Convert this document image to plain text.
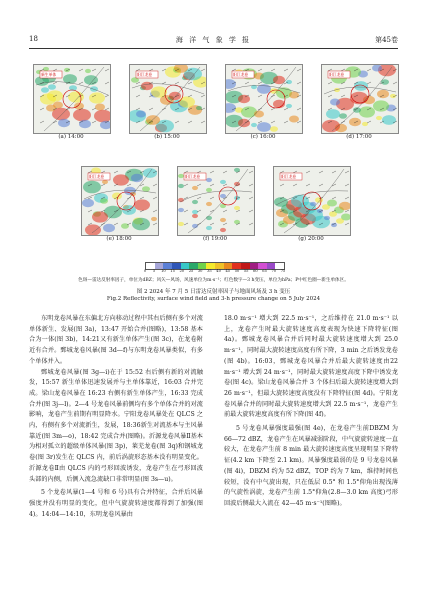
18	海 洋 气 象 学 报	第45卷
新生单体
(a) 14:00
阳江龙卷
(b) 15:00
阳江龙卷
(c) 16:00
阳江龙卷
(d) 17:00
阳江龙卷
(e) 18:00
阳江龙卷
(f) 19:00
阳江龙卷
(g) 20:00
0 5 10 15 20 25 30 35 40 45 50 55 60 65 70 75
色斑—雷达反射率因子，单位为dBZ；风矢—风场，风速单位为m·s⁻¹；红色数字—3 h变压，单位为hPa；P中红色圈—新生单体区。
图 2 2024 年 7 月 5 日雷达反射率因子与地面风场及 3 h 变压
Fig.2 Reflectivity, surface wind field and 3-h pressure change on 5 July 2024

东明龙卷风暴在东偏北方向移动过程中其右后侧有多个对流单体新生、发展(图 3a)，13:47 开始合并(图略)，13:58 基本合为一体(图 3b)，14:21又有新生单体产生(图 3c)，在龙卷附近有合并。鄄城龙卷风暴(图 3d—f)与东明龙卷风暴类似，有多个单体并入。

鄄城龙卷风暴(图 3g—i)在于 15:52 右后侧有新的对流触发，15:57 新生单体迅速发展并与主单体靠近，16:03 合并完成。梁山龙卷风暴在 16:23 右侧有新生单体产生，16:33 完成合并(图 3j—l)。2—4 号龙卷风暴前侧均有多个单体合并的对流影响，龙卷产生前期有明显降水。宁阳龙卷风暴处在 QLCS 之内，有侧有多个对流新生，发展，18:36新生对流基本与主风暴靠近(图 3m—o)，18:42 完成合并(图略)。沂源龙卷风暴Ⅱ基本为相对孤立的超级单体风暴(图 3p)，莱芜龙卷(图 3q)和钢城龙卷(图 3r)发生在 QLCS 内，前后涡旋形态基本没有明显变化。沂源龙卷Ⅱ由 QLCS 内的弓形回波诱发，龙卷产生在弓形回波头部的内侧，后侧入流急流缺口非常明显(图 3s—u)。

5 个龙卷风暴(1—4 号和 6 号)具有合并特征，合并后风暴强度并没有明显的变化，但中气旋旋转速度都得到了加强(图 4)。14:04—14:10，东明龙卷风暴由

18.0 m·s⁻¹ 增大到 22.5 m·s⁻¹，之后维持在 21.0 m·s⁻¹ 以上，龙卷产生时最大旋转速度高度表现为快速下降特征(图 4a)。鄄城龙卷风暴合并后同时最大旋转速度增大到 25.0 m·s⁻¹，同时最大旋转速度高度有所下降，3 min 之后诱发龙卷(图 4b)。16:03，鄄城龙卷风暴合并后最大旋转速度由22 m·s⁻¹ 增大到 24 m·s⁻¹，同时最大旋转速度高度下降中诱发龙卷(图 4c)。梁山龙卷风暴合并 3 个体扫后最大旋转速度增大到 26 m·s⁻¹，但最大旋转速度高度没有下降特征(图 4d)。宁阳龙卷风暴合并的同时最大旋转速度增大到 22.5 m·s⁻¹，龙卷产生前最大旋转速度高度有所下降(图 4f)。

5 号龙卷风暴强度最强(图 4e)，在龙卷产生前DBZM 为 66—72 dBZ，龙卷产生在风暴减弱阶段，中气旋旋转速度一直较大，在龙卷产生前 8 min 最大旋转速度高度呈现明显下降特征(4.2 km 下降至 2.1 km)。风暴强度最弱的是 9 号龙卷风暴(图 4i)，DBZM 约为 52 dBZ，TOP 约为 7 km，维持时间也较短，没有中气旋出现，只在低层 0.5° 和 1.5°仰角出现浅薄的气旋性涡旋，龙卷产生前 1.5°仰角(2.8—3.0 km 高度)弓形回波后侧最大入流在 42—45 m·s⁻¹(图略)。
